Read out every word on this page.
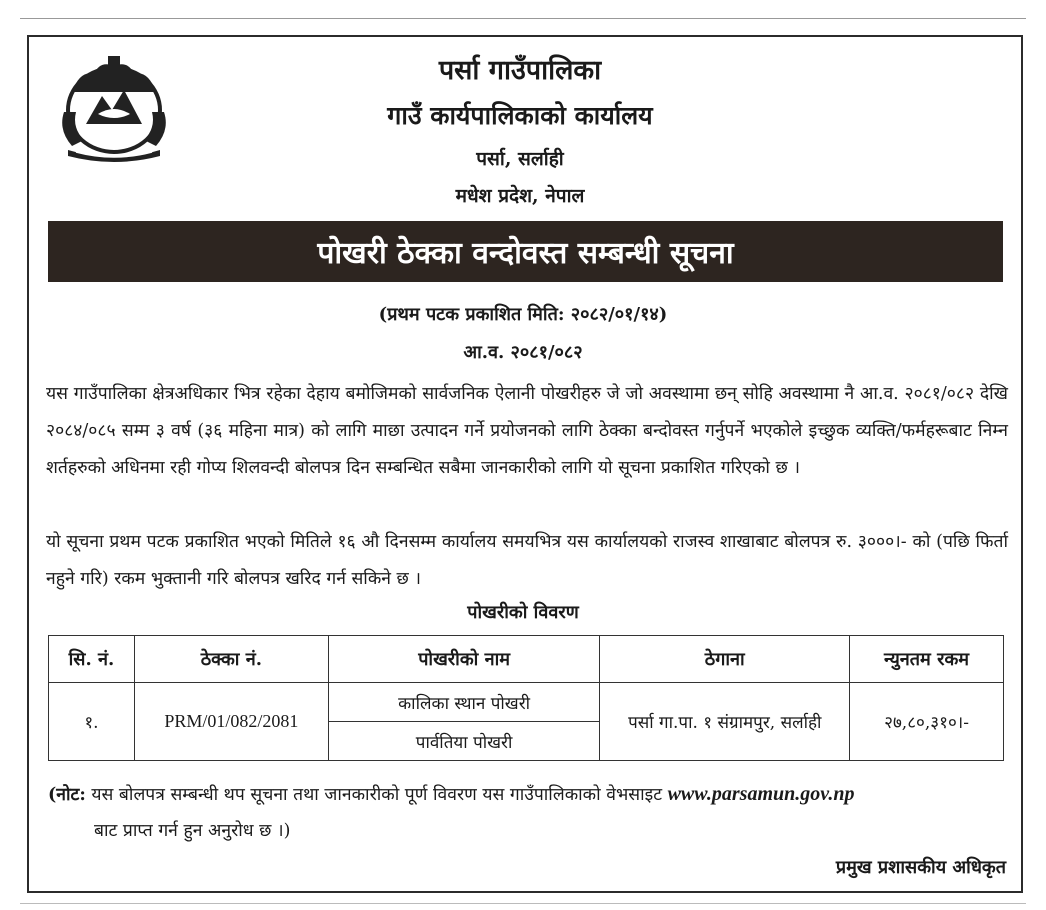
पर्सा गाउँपालिका
गाउँ कार्यपालिकाको कार्यालय
पर्सा, सर्लाही
मधेश प्रदेश, नेपाल
पोखरी ठेक्का वन्दोवस्त सम्बन्धी सूचना
(प्रथम पटक प्रकाशित मिति: २०८२/०१/१४)
आ.व. २०८१/०८२
यस गाउँपालिका क्षेत्रअधिकार भित्र रहेका देहाय बमोजिमको सार्वजनिक ऐलानी पोखरीहरु जे जो अवस्थामा छन् सोहि अवस्थामा नै आ.व. २०८१/०८२ देखि २०८४/०८५ सम्म ३ वर्ष (३६ महिना मात्र) को लागि माछा उत्पादन गर्ने प्रयोजनको लागि ठेक्का बन्दोवस्त गर्नुपर्ने भएकोले इच्छुक व्यक्ति/फर्महरूबाट निम्न शर्तहरुको अधिनमा रही गोप्य शिलवन्दी बोलपत्र दिन सम्बन्धित सबैमा जानकारीको लागि यो सूचना प्रकाशित गरिएको छ ।
यो सूचना प्रथम पटक प्रकाशित भएको मितिले १६ औ दिनसम्म कार्यालय समयभित्र यस कार्यालयको राजस्व शाखाबाट बोलपत्र रु. ३०००।- को (पछि फिर्ता नहुने गरि) रकम भुक्तानी गरि बोलपत्र खरिद गर्न सकिने छ ।
पोखरीको विवरण
सि. नं.	ठेक्का नं.	पोखरीको नाम	ठेगाना	न्युनतम रकम
१.	PRM/01/082/2081	कालिका स्थान पोखरी	पर्सा गा.पा. १ संग्रामपुर, सर्लाही	२७,८०,३१०।-
		पार्वतिया पोखरी		
(नोट: यस बोलपत्र सम्बन्धी थप सूचना तथा जानकारीको पूर्ण विवरण यस गाउँपालिकाको वेभसाइट www.parsamun.gov.np
बाट प्राप्त गर्न हुन अनुरोध छ ।)
प्रमुख प्रशासकीय अधिकृत
